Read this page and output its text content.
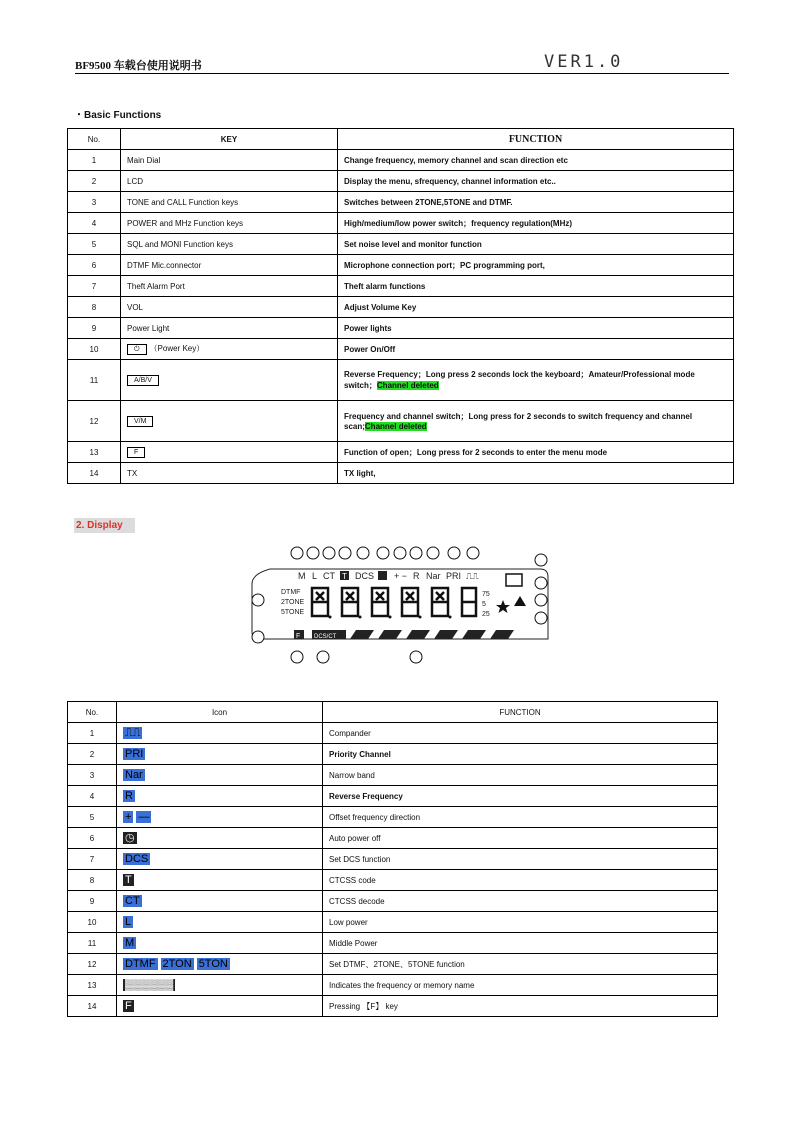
BF9500 车载台使用说明书	VER1.0
・Basic Functions
No.	KEY	FUNCTION
1	Main Dial	Change frequency, memory channel and scan direction etc
2	LCD	Display the menu, sfrequency, channel information etc..
3	TONE and CALL Function keys	Switches between 2TONE,5TONE and DTMF.
4	POWER and MHz Function keys	High/medium/low power switch；frequency regulation(MHz)
5	SQL and MONI Function keys	Set noise level and monitor function
6	DTMF Mic.connector	Microphone connection port；PC programming port,
7	Theft Alarm Port	Theft alarm functions
8	VOL	Adjust Volume Key
9	Power Light	Power lights
10	⏻ （Power Key）	Power On/Off
11	A/B/V	Reverse Frequency；Long press 2 seconds lock the keyboard；Amateur/Professional mode switch；Channel deleted
12	V/M	Frequency and channel switch；Long press for 2 seconds to switch frequency and channel scan;Channel deleted
13	F	Function of open；Long press for 2 seconds to enter the menu mode
14	TX	TX light,
2. Display
M L CT T DCS + − R Nar PRI ⎍⎍
DTMF
2TONE
5TONE
75
5
25
F DCS/CT
No.	Icon	FUNCTION
1	⎍⎍	Compander
2	PRI	Priority Channel
3	Nar	Narrow band
4	R	Reverse Frequency
5	+ —	Offset frequency direction
6	◷	Auto power off
7	DCS	Set DCS function
8	T	CTCSS code
9	CT	CTCSS decode
10	L	Low power
11	M	Middle Power
12	DTMF 2TON 5TON	Set DTMF、2TONE、5TONE function
13	▓▓▓▓▓▓	Indicates the frequency or memory name
14	F	Pressing 【F】 key
